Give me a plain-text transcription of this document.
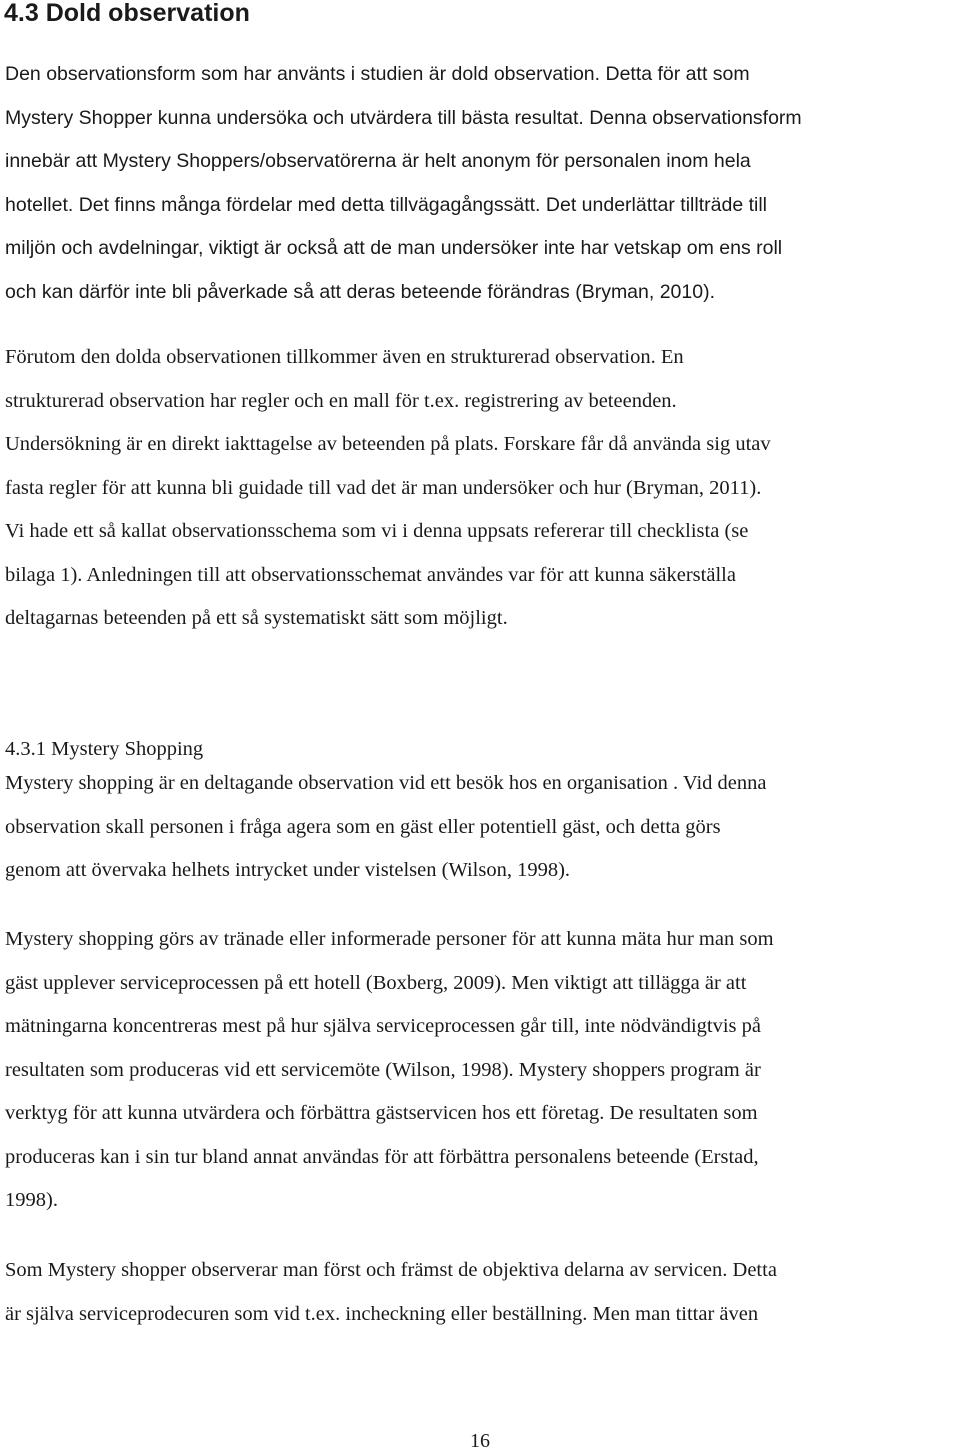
4.3 Dold observation

Den observationsform som har använts i studien är dold observation. Detta för att som
Mystery Shopper kunna undersöka och utvärdera till bästa resultat. Denna observationsform
innebär att Mystery Shoppers/observatörerna är helt anonym för personalen inom hela
hotellet. Det finns många fördelar med detta tillvägagångssätt. Det underlättar tillträde till
miljön och avdelningar, viktigt är också att de man undersöker inte har vetskap om ens roll
och kan därför inte bli påverkade så att deras beteende förändras (Bryman, 2010).

Förutom den dolda observationen tillkommer även en strukturerad observation. En
strukturerad observation har regler och en mall för t.ex. registrering av beteenden.
Undersökning är en direkt iakttagelse av beteenden på plats. Forskare får då använda sig utav
fasta regler för att kunna bli guidade till vad det är man undersöker och hur (Bryman, 2011).
Vi hade ett så kallat observationsschema som vi i denna uppsats refererar till checklista (se
bilaga 1). Anledningen till att observationsschemat användes var för att kunna säkerställa
deltagarnas beteenden på ett så systematiskt sätt som möjligt.

4.3.1 Mystery Shopping

Mystery shopping är en deltagande observation vid ett besök hos en organisation . Vid denna
observation skall personen i fråga agera som en gäst eller potentiell gäst, och detta görs
genom att övervaka helhets intrycket under vistelsen (Wilson, 1998).

Mystery shopping görs av tränade eller informerade personer för att kunna mäta hur man som
gäst upplever serviceprocessen på ett hotell (Boxberg, 2009). Men viktigt att tillägga är att
mätningarna koncentreras mest på hur själva serviceprocessen går till, inte nödvändigtvis på
resultaten som produceras vid ett servicemöte (Wilson, 1998). Mystery shoppers program är
verktyg för att kunna utvärdera och förbättra gästservicen hos ett företag. De resultaten som
produceras kan i sin tur bland annat användas för att förbättra personalens beteende (Erstad,
1998).

Som Mystery shopper observerar man först och främst de objektiva delarna av servicen. Detta
är själva serviceprodecuren som vid t.ex. incheckning eller beställning. Men man tittar även

16
